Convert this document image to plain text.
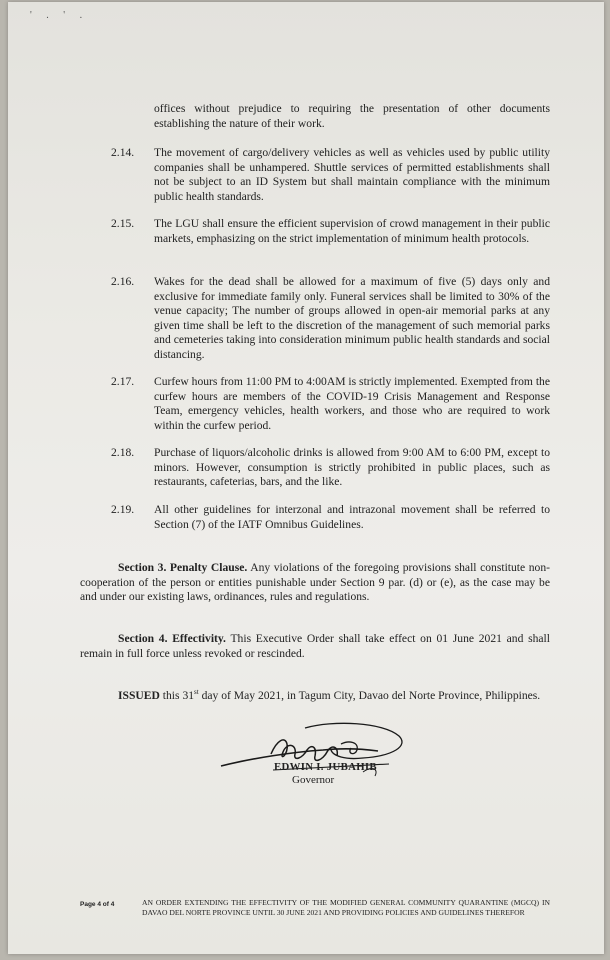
' . ' .
offices without prejudice to requiring the presentation of other documents establishing the nature of their work.
2.14. The movement of cargo/delivery vehicles as well as vehicles used by public utility companies shall be unhampered. Shuttle services of permitted establishments shall not be subject to an ID System but shall maintain compliance with the minimum public health standards.
2.15. The LGU shall ensure the efficient supervision of crowd management in their public markets, emphasizing on the strict implementation of minimum health protocols.
2.16. Wakes for the dead shall be allowed for a maximum of five (5) days only and exclusive for immediate family only. Funeral services shall be limited to 30% of the venue capacity; The number of groups allowed in open-air memorial parks at any given time shall be left to the discretion of the management of such memorial parks and cemeteries taking into consideration minimum public health standards and social distancing.
2.17. Curfew hours from 11:00 PM to 4:00AM is strictly implemented. Exempted from the curfew hours are members of the COVID-19 Crisis Management and Response Team, emergency vehicles, health workers, and those who are required to work within the curfew period.
2.18. Purchase of liquors/alcoholic drinks is allowed from 9:00 AM to 6:00 PM, except to minors. However, consumption is strictly prohibited in public places, such as restaurants, cafeterias, bars, and the like.
2.19. All other guidelines for interzonal and intrazonal movement shall be referred to Section (7) of the IATF Omnibus Guidelines.
Section 3. Penalty Clause. Any violations of the foregoing provisions shall constitute non-cooperation of the person or entities punishable under Section 9 par. (d) or (e), as the case may be and under our existing laws, ordinances, rules and regulations.
Section 4. Effectivity. This Executive Order shall take effect on 01 June 2021 and shall remain in full force unless revoked or rescinded.
ISSUED this 31st day of May 2021, in Tagum City, Davao del Norte Province, Philippines.
EDWIN I. JUBAHIB
Governor
Page 4 of 4	AN ORDER EXTENDING THE EFFECTIVITY OF THE MODIFIED GENERAL COMMUNITY QUARANTINE (MGCQ) IN DAVAO DEL NORTE PROVINCE UNTIL 30 JUNE 2021 AND PROVIDING POLICIES AND GUIDELINES THEREFOR
